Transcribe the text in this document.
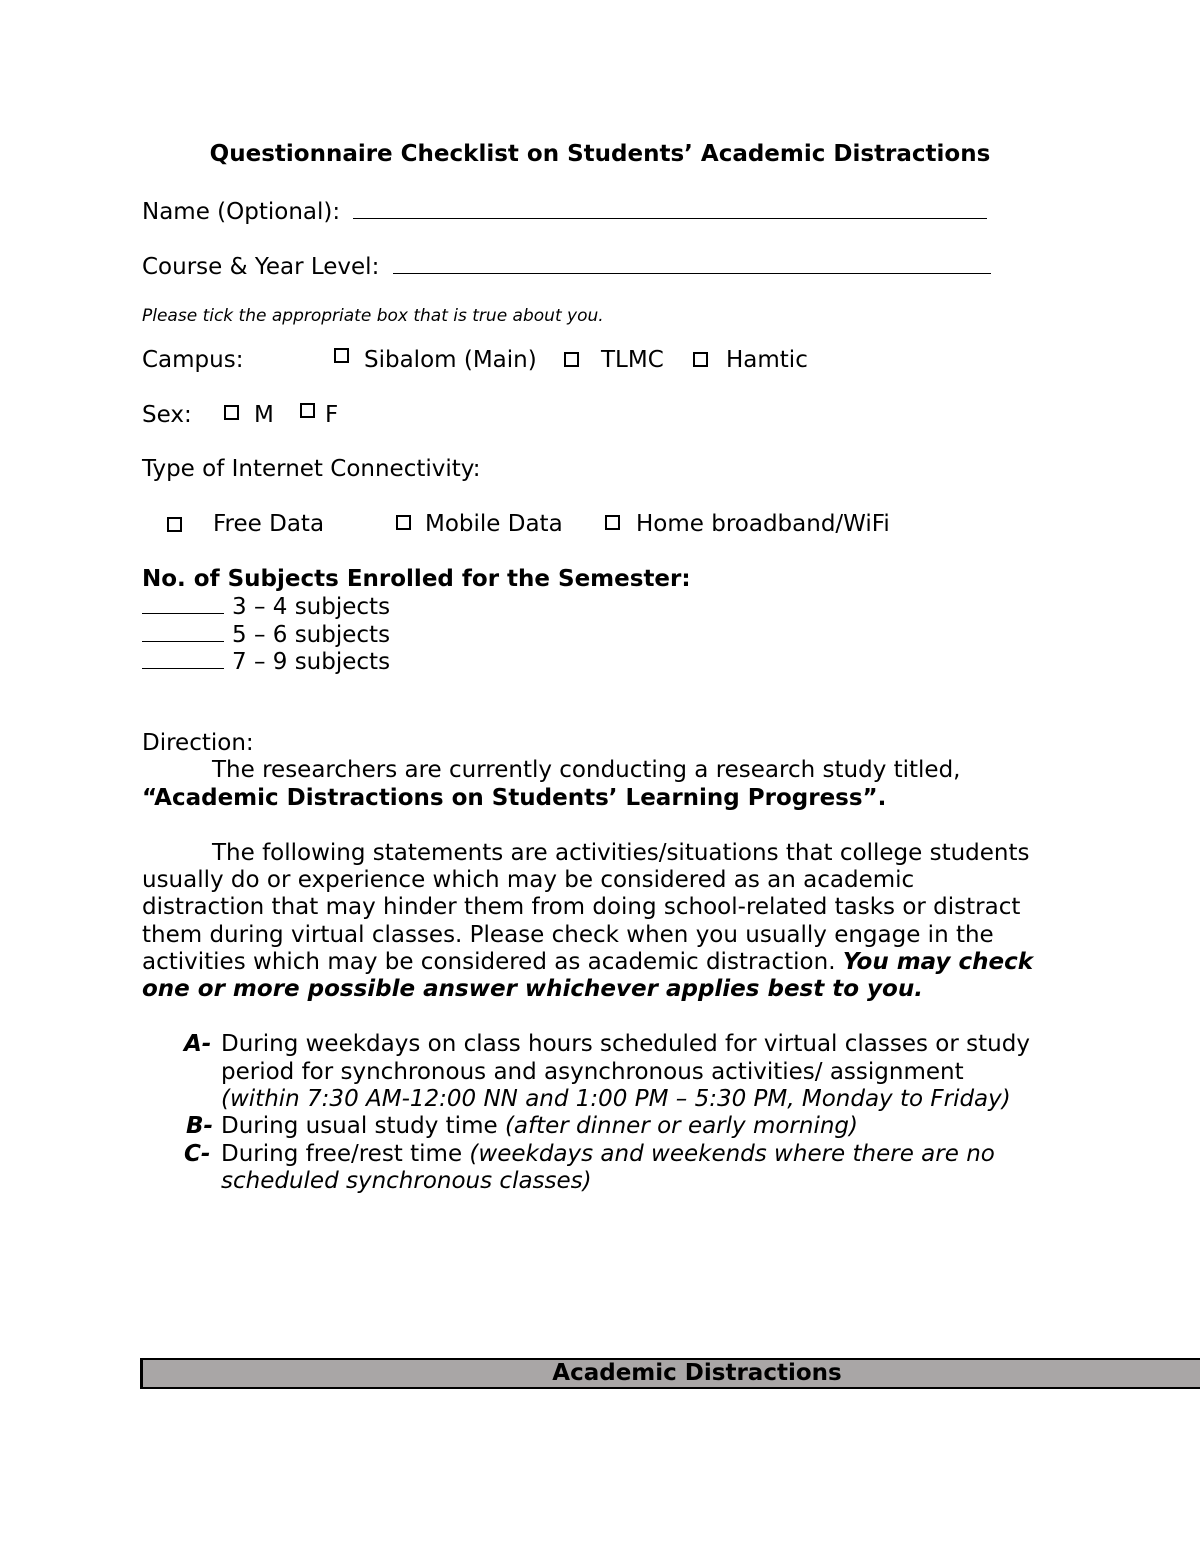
Questionnaire Checklist on Students’ Academic Distractions
Name (Optional):
Course & Year Level:
Please tick the appropriate box that is true about you.
Campus:	Sibalom (Main)	TLMC	Hamtic
Sex:	M F
Type of Internet Connectivity:
Free Data	Mobile Data	Home broadband/WiFi
No. of Subjects Enrolled for the Semester:
3 – 4 subjects
5 – 6 subjects
7 – 9 subjects
Direction:
The researchers are currently conducting a research study titled,
“Academic Distractions on Students’ Learning Progress”.
The following statements are activities/situations that college students
usually do or experience which may be considered as an academic
distraction that may hinder them from doing school-related tasks or distract
them during virtual classes. Please check when you usually engage in the
activities which may be considered as academic distraction. You may check
one or more possible answer whichever applies best to you.
A- During weekdays on class hours scheduled for virtual classes or study
period for synchronous and asynchronous activities/ assignment
(within 7:30 AM-12:00 NN and 1:00 PM – 5:30 PM, Monday to Friday)
B- During usual study time (after dinner or early morning)
C- During free/rest time (weekdays and weekends where there are no
scheduled synchronous classes)
Academic Distractions
